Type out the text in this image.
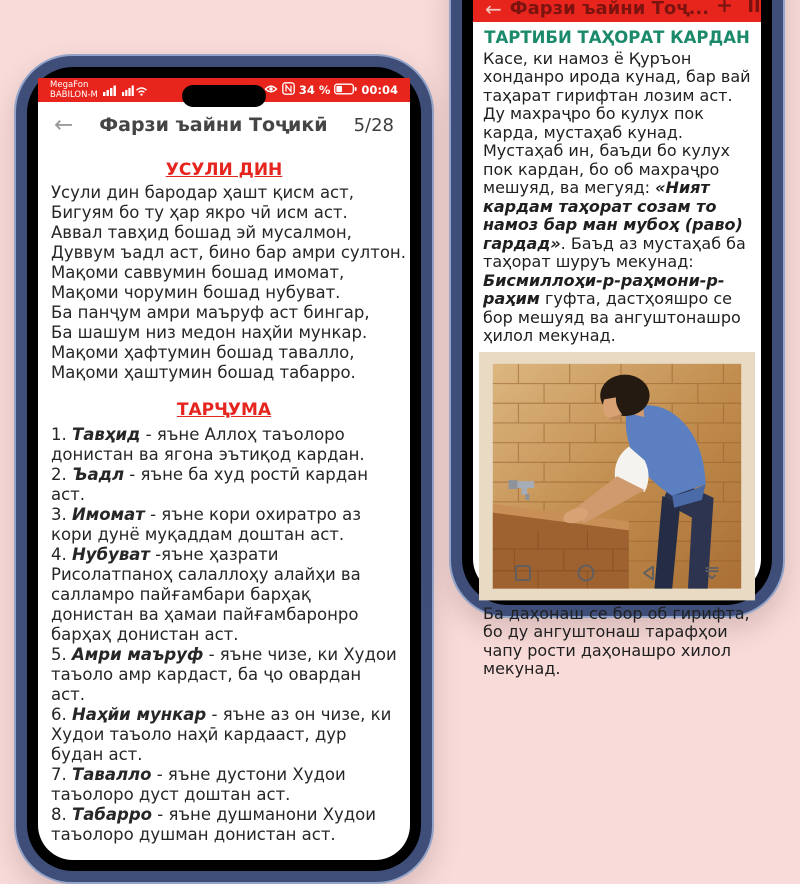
MegaFon
BABILON-M	34 %	00:04
←	Фарзи ъайни Тоҷикӣ	5/28
УСУЛИ ДИН
Усули дин бародар ҳашт қисм аст,
Бигуям бо ту ҳар якро чӣ исм аст.
Аввал тавҳид бошад эй мусалмон,
Дуввум ъадл аст, бино бар амри султон.
Мақоми саввумин бошад имомат,
Мақоми чорумин бошад нубуват.
Ба панҷум амри маъруф аст бингар,
Ба шашум низ медон наҳйи мункар.
Мақоми ҳафтумин бошад тавалло,
Мақоми ҳаштумин бошад табарро.
ТАРҶУМА

1. Тавҳид - яъне Аллоҳ таъолоро донистан ва ягона эътиқод кардан.

2. Ъадл - яъне ба худ ростӣ кардан аст.

3. Имомат - яъне кори охиратро аз кори дунё муқаддам доштан аст.

4. Нубуват -яъне ҳазрати Рисолатпаноҳ салаллоҳу алайҳи ва салламро пайғамбари барҳақ донистан ва ҳамаи пайғамбаронро барҳаҳ донистан аст.

5. Амри маъруф - яъне чизе, ки Худои таъоло амр кардаст, ба ҷо овардан аст.

6. Наҳйи мункар - яъне аз он чизе, ки Худои таъоло наҳӣ кардааст, дур будан аст.

7. Тавалло - яъне дустони Худои таъолоро дуст доштан аст.

8. Табарро - яъне душманони Худои таъолоро душман донистан аст.

← Фарзи ъайни Тоҷ...
ТАРТИБИ ТАҲОРАТ КАРДАН

Касе, ки намоз ё Қуръон хонданро ирода кунад, бар вай таҳарат гирифтан лозим аст. Ду махраҷро бо кулух пок карда, мустаҳаб кунад. Мустаҳаб ин, баъди бо кулух пок кардан, бо об махраҷро мешуяд, ва мегуяд: «Ният кардам таҳорат созам то намоз бар ман мубоҳ (раво) гардад». Баъд аз мустаҳаб ба таҳорат шуруъ мекунад: Бисмиллоҳи-р-раҳмони-р-раҳим гуфта, дастҳояшро се бор мешуяд ва ангуштонашро ҳилол мекунад.

Ба даҳонаш се бор об гирифта, бо ду ангуштонаш тарафҳои чапу рости даҳонашро хилол мекунад.
